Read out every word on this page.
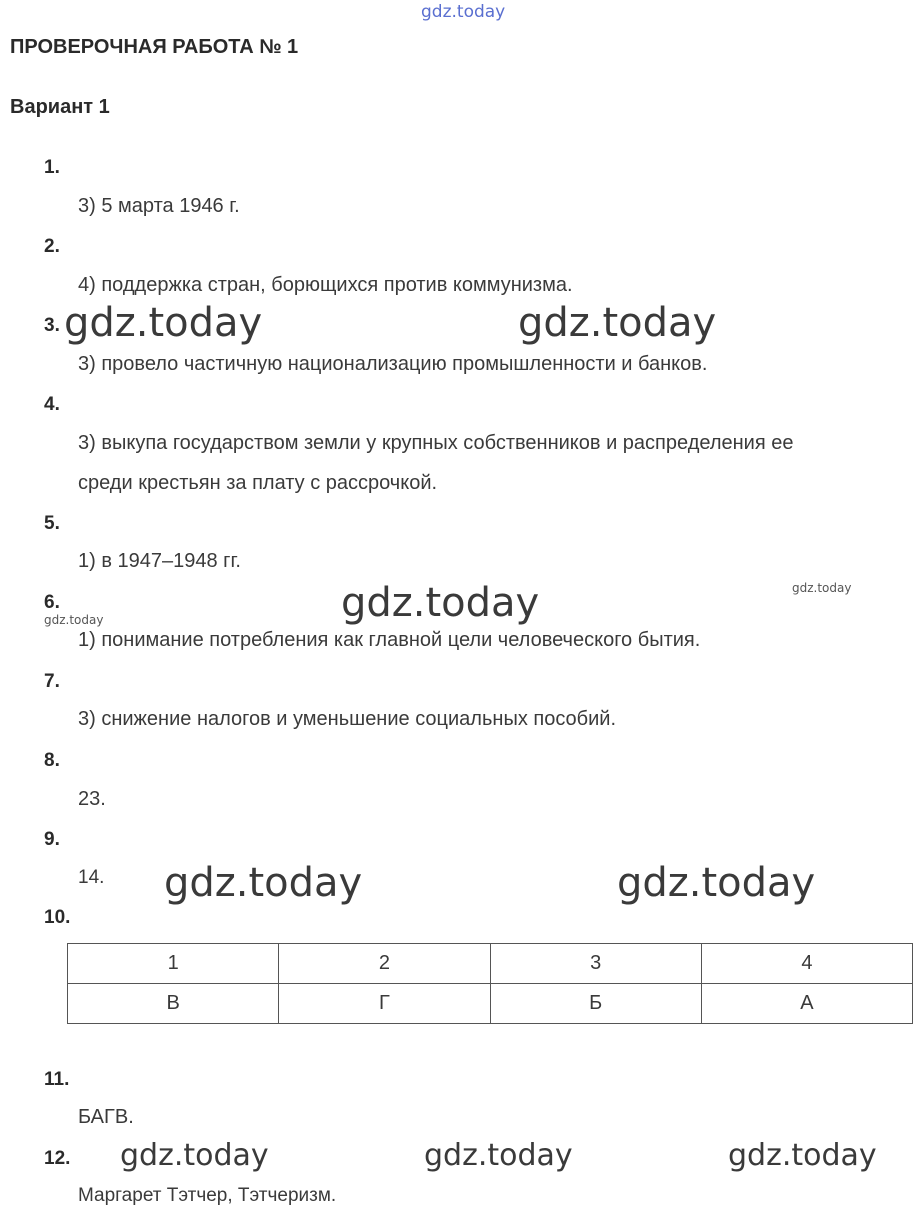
gdz.today
ПРОВЕРОЧНАЯ РАБОТА № 1
Вариант 1
1.
3) 5 марта 1946 г.
2.
4) поддержка стран, борющихся против коммунизма.
3. gdz.today	gdz.today
3) провело частичную национализацию промышленности и банков.
4.
3) выкупа государством земли у крупных собственников и распределения ее
среди крестьян за плату с рассрочкой.
5.
1) в 1947–1948 гг.
6.
gdz.today	gdz.today	gdz.today
1) понимание потребления как главной цели человеческого бытия.
7.
3) снижение налогов и уменьшение социальных пособий.
8.
23.
9.
14. gdz.today	gdz.today
10.
1	2	3	4
В	Г	Б	А
11.
БАГВ.
12. gdz.today	gdz.today	gdz.today
Маргарет Тэтчер, Тэтчеризм.
